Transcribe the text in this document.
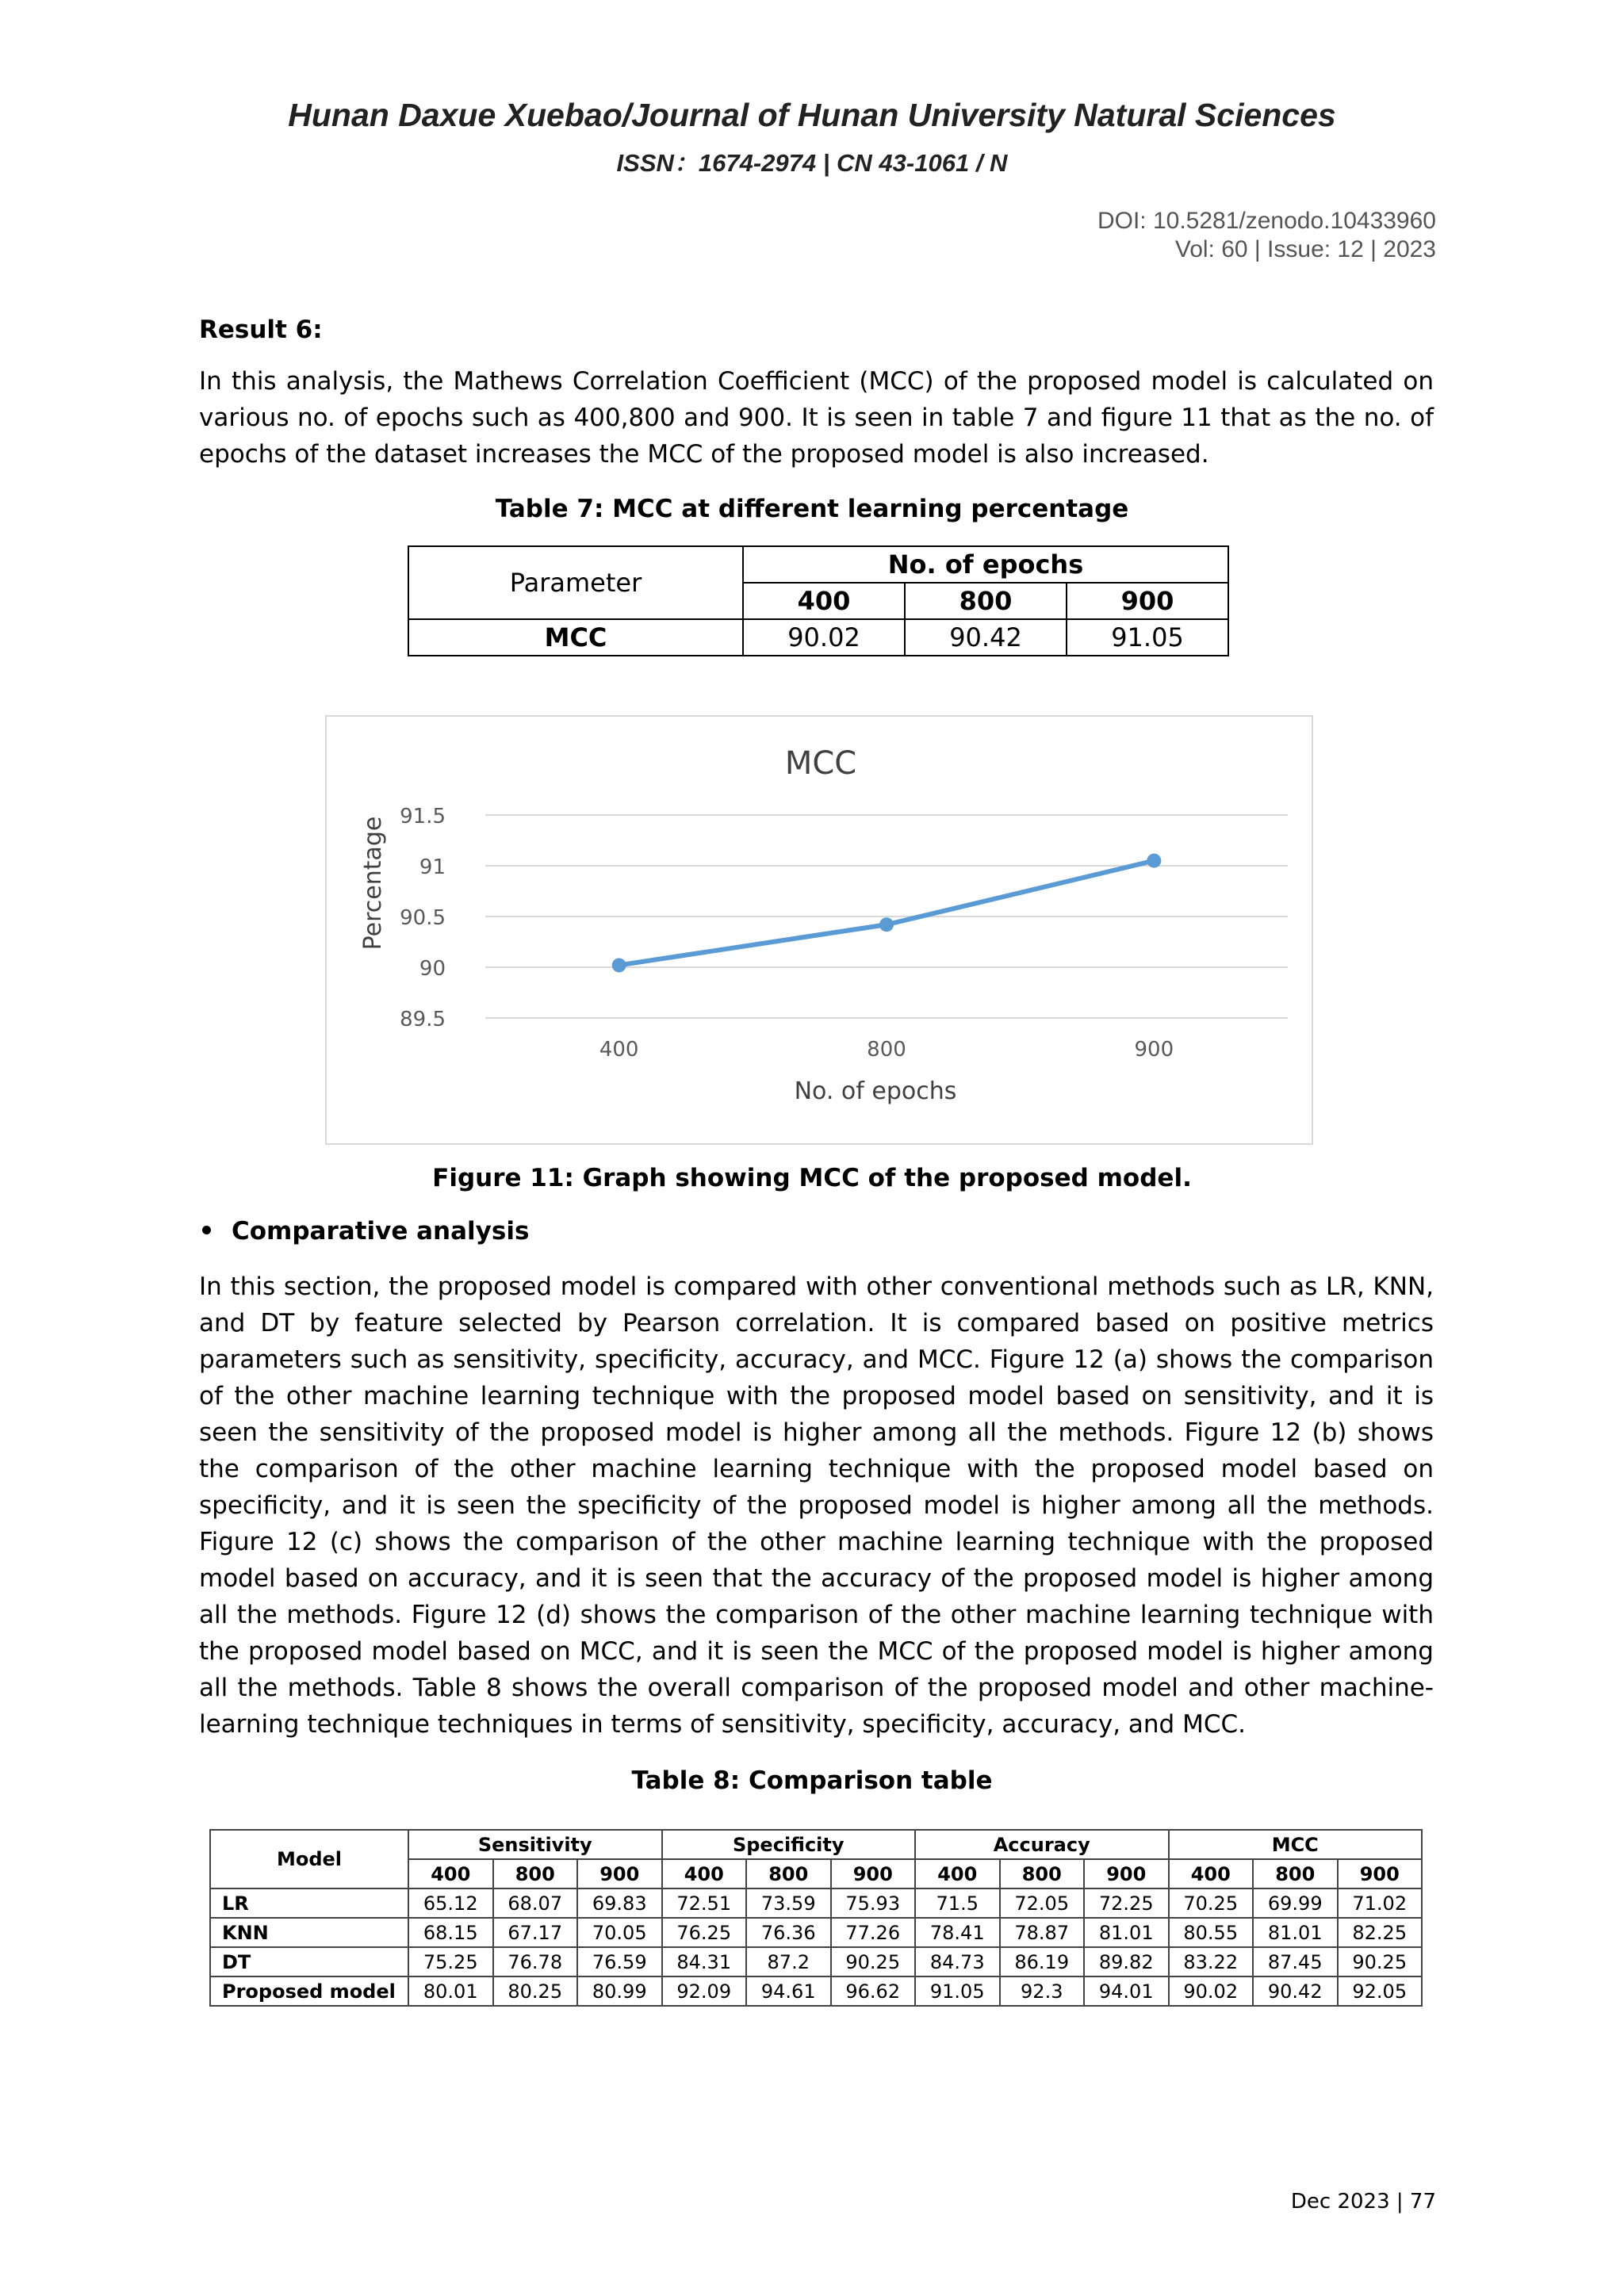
Hunan Daxue Xuebao/Journal of Hunan University Natural Sciences
ISSN：1674-2974 | CN 43-1061 / N
DOI: 10.5281/zenodo.10433960
Vol: 60 | Issue: 12 | 2023
Result 6:
In this analysis, the Mathews Correlation Coefficient (MCC) of the proposed model is calculated on various no. of epochs such as 400,800 and 900. It is seen in table 7 and figure 11 that as the no. of epochs of the dataset increases the MCC of the proposed model is also increased.
Table 7: MCC at different learning percentage
Parameter	No. of epochs		
	400	800	900
MCC	90.02	90.42	91.05
MCC
89.5
90
90.5
91
91.5
400	800	900
Percentage
No. of epochs
Figure 11: Graph showing MCC of the proposed model.
Comparative analysis
In this section, the proposed model is compared with other conventional methods such as LR, KNN, and DT by feature selected by Pearson correlation. It is compared based on positive metrics parameters such as sensitivity, specificity, accuracy, and MCC. Figure 12 (a) shows the comparison of the other machine learning technique with the proposed model based on sensitivity, and it is seen the sensitivity of the proposed model is higher among all the methods. Figure 12 (b) shows the comparison of the other machine learning technique with the proposed model based on specificity, and it is seen the specificity of the proposed model is higher among all the methods. Figure 12 (c) shows the comparison of the other machine learning technique with the proposed model based on accuracy, and it is seen that the accuracy of the proposed model is higher among all the methods. Figure 12 (d) shows the comparison of the other machine learning technique with the proposed model based on MCC, and it is seen the MCC of the proposed model is higher among all the methods. Table 8 shows the overall comparison of the proposed model and other machine-learning technique techniques in terms of sensitivity, specificity, accuracy, and MCC.
Table 8: Comparison table
Model	Sensitivity			Specificity			Accuracy			MCC		
	400	800	900	400	800	900	400	800	900	400	800	900
LR	65.12	68.07	69.83	72.51	73.59	75.93	71.5	72.05	72.25	70.25	69.99	71.02
KNN	68.15	67.17	70.05	76.25	76.36	77.26	78.41	78.87	81.01	80.55	81.01	82.25
DT	75.25	76.78	76.59	84.31	87.2	90.25	84.73	86.19	89.82	83.22	87.45	90.25
Proposed model	80.01	80.25	80.99	92.09	94.61	96.62	91.05	92.3	94.01	90.02	90.42	92.05
Dec 2023 | 77
